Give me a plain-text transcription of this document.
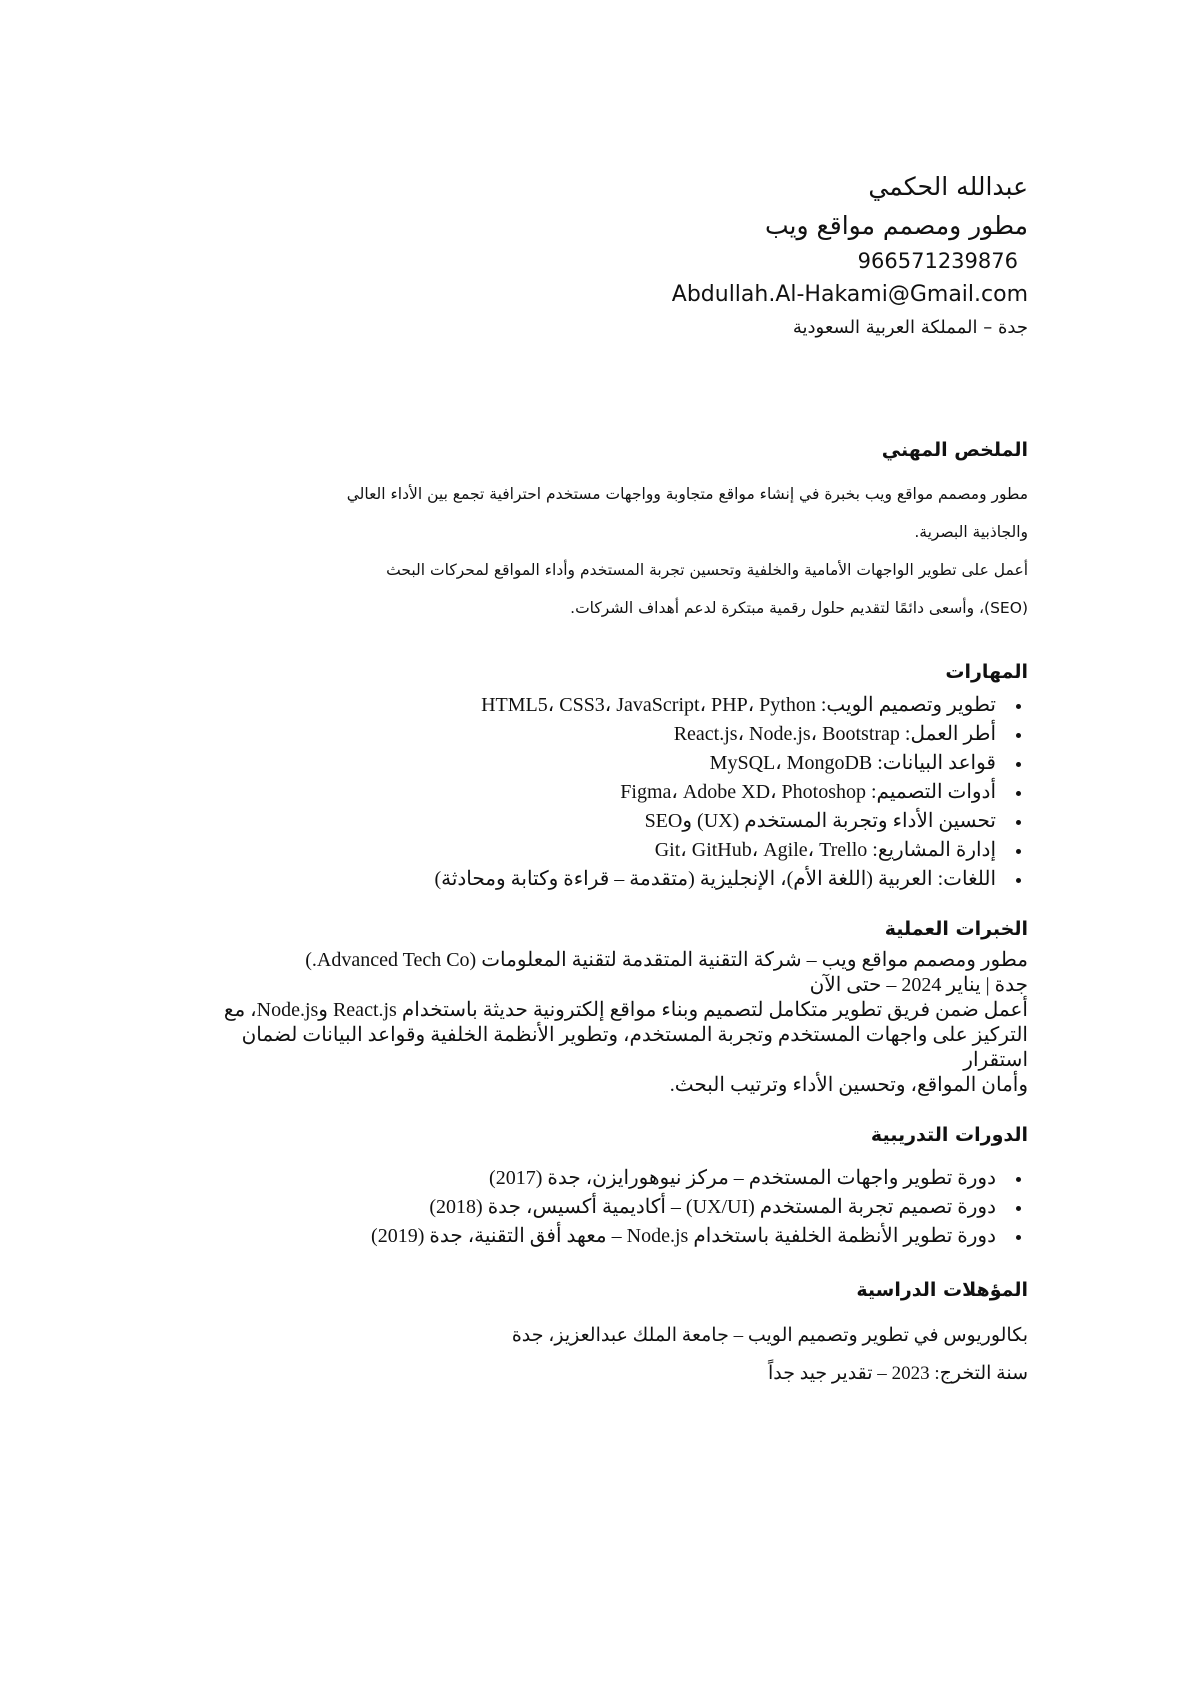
عبدالله الحكمي
مطور ومصمم مواقع ويب
966571239876
Abdullah.Al-Hakami@Gmail.com
جدة – المملكة العربية السعودية
الملخص المهني

مطور ومصمم مواقع ويب بخبرة في إنشاء مواقع متجاوبة وواجهات مستخدم احترافية تجمع بين الأداء العالي

والجاذبية البصرية.

أعمل على تطوير الواجهات الأمامية والخلفية وتحسين تجربة المستخدم وأداء المواقع لمحركات البحث

(SEO)، وأسعى دائمًا لتقديم حلول رقمية مبتكرة لدعم أهداف الشركات.

المهارات
تطوير وتصميم الويب: HTML5، CSS3، JavaScript، PHP، Python
أطر العمل: React.js، Node.js، Bootstrap
قواعد البيانات: MySQL، MongoDB
أدوات التصميم: Figma، Adobe XD، Photoshop
تحسين الأداء وتجربة المستخدم (UX) وSEO
إدارة المشاريع: Git، GitHub، Agile، Trello
اللغات: العربية (اللغة الأم)، الإنجليزية (متقدمة – قراءة وكتابة ومحادثة)
الخبرات العملية
مطور ومصمم مواقع ويب – شركة التقنية المتقدمة لتقنية المعلومات (Advanced Tech Co.)
جدة | يناير 2024 – حتى الآن
أعمل ضمن فريق تطوير متكامل لتصميم وبناء مواقع إلكترونية حديثة باستخدام React.js وNode.js، مع
التركيز على واجهات المستخدم وتجربة المستخدم، وتطوير الأنظمة الخلفية وقواعد البيانات لضمان استقرار
وأمان المواقع، وتحسين الأداء وترتيب البحث.
الدورات التدريبية
دورة تطوير واجهات المستخدم – مركز نيوهورايزن، جدة (2017)
دورة تصميم تجربة المستخدم (UX/UI) – أكاديمية أكسيس، جدة (2018)
دورة تطوير الأنظمة الخلفية باستخدام Node.js – معهد أفق التقنية، جدة (2019)
المؤهلات الدراسية
بكالوريوس في تطوير وتصميم الويب – جامعة الملك عبدالعزيز، جدة
سنة التخرج: 2023 – تقدير جيد جداً
